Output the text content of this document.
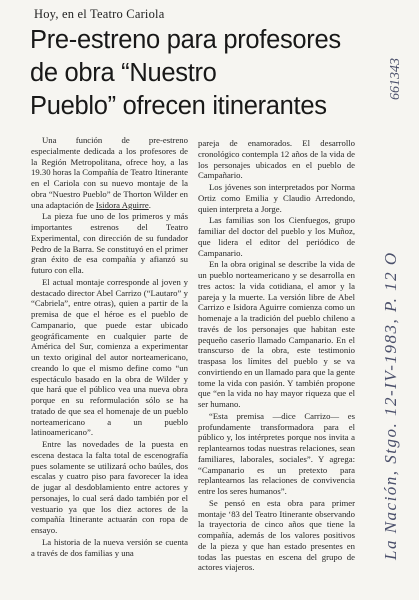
Hoy, en el Teatro Cariola
Pre-estreno para profesores
de obra “Nuestro
Pueblo” ofrecen itinerantes

Una función de pre-estreno especialmente dedicada a los profesores de la Región Metropolitana, ofrece hoy, a las 19.30 horas la Compañía de Teatro Itinerante en el Cariola con su nuevo montaje de la obra “Nuestro Pueblo” de Thorton Wilder en una adaptación de Isidora Aguirre.

La pieza fue uno de los primeros y más importantes estrenos del Teatro Experimental, con dirección de su fundador Pedro de la Barra. Se constituyó en el primer gran éxito de esa compañía y afianzó su futuro con ella.

El actual montaje corresponde al joven y destacado director Abel Carrizo (“Lautaro” y “Cabriela”, entre otras), quien a partir de la premisa de que el héroe es el pueblo de Campanario, que puede estar ubicado geográficamente en cualquier parte de América del Sur, comienza a experimentar un texto original del autor norteamericano, creando lo que el mismo define como “un espectáculo basado en la obra de Wilder y que hará que el público vea una nueva obra porque en su reformulación sólo se ha tratado de que sea el homenaje de un pueblo norteamericano a un pueblo latinoamericano”.

Entre las novedades de la puesta en escena destaca la falta total de escenografía pues solamente se utilizará ocho baúles, dos escalas y cuatro piso para favorecer la idea de jugar al desdoblamiento entre actores y personajes, lo cual será dado también por el vestuario ya que los diez actores de la compañía Itinerante actuarán con ropa de ensayo.

La historia de la nueva versión se cuenta a través de dos familias y una

pareja de enamorados. El desarrollo cronológico contempla 12 años de la vida de los personajes ubicados en el pueblo de Campañario.

Los jóvenes son interpretados por Norma Ortiz como Emilia y Claudio Arredondo, quien interpreta a Jorge.

Las familias son los Cienfuegos, grupo familiar del doctor del pueblo y los Muñoz, que lidera el editor del periódico de Campanario.

En la obra original se describe la vida de un pueblo norteamericano y se desarrolla en tres actos: la vida cotidiana, el amor y la pareja y la muerte. La versión libre de Abel Carrizo e Isidora Aguirre comienza como un homenaje a la tradición del pueblo chileno a través de los personajes que habitan este pequeño caserío llamado Campanario. En el transcurso de la obra, este testimonio traspasa los límites del pueblo y se va convirtiendo en un llamado para que la gente tome la vida con pasión. Y también propone que “en la vida no hay mayor riqueza que el ser humano.

“Esta premisa —dice Carrizo— es profundamente transformadora para el público y, los intérpretes porque nos invita a replantearnos todas nuestras relaciones, sean familiares, laborales, sociales”. Y agrega: “Campanario es un pretexto para replantearnos las relaciones de convivencia entre los seres humanos”.

Se pensó en esta obra para primer montaje ‘83 del Teatro Itinerante observando la trayectoria de cinco años que tiene la compañía, además de los valores positivos de la pieza y que han estado presentes en todas las puestas en escena del grupo de actores viajeros.

La Nación, Stgo. 12-IV-1983, P. 12 O
661343
